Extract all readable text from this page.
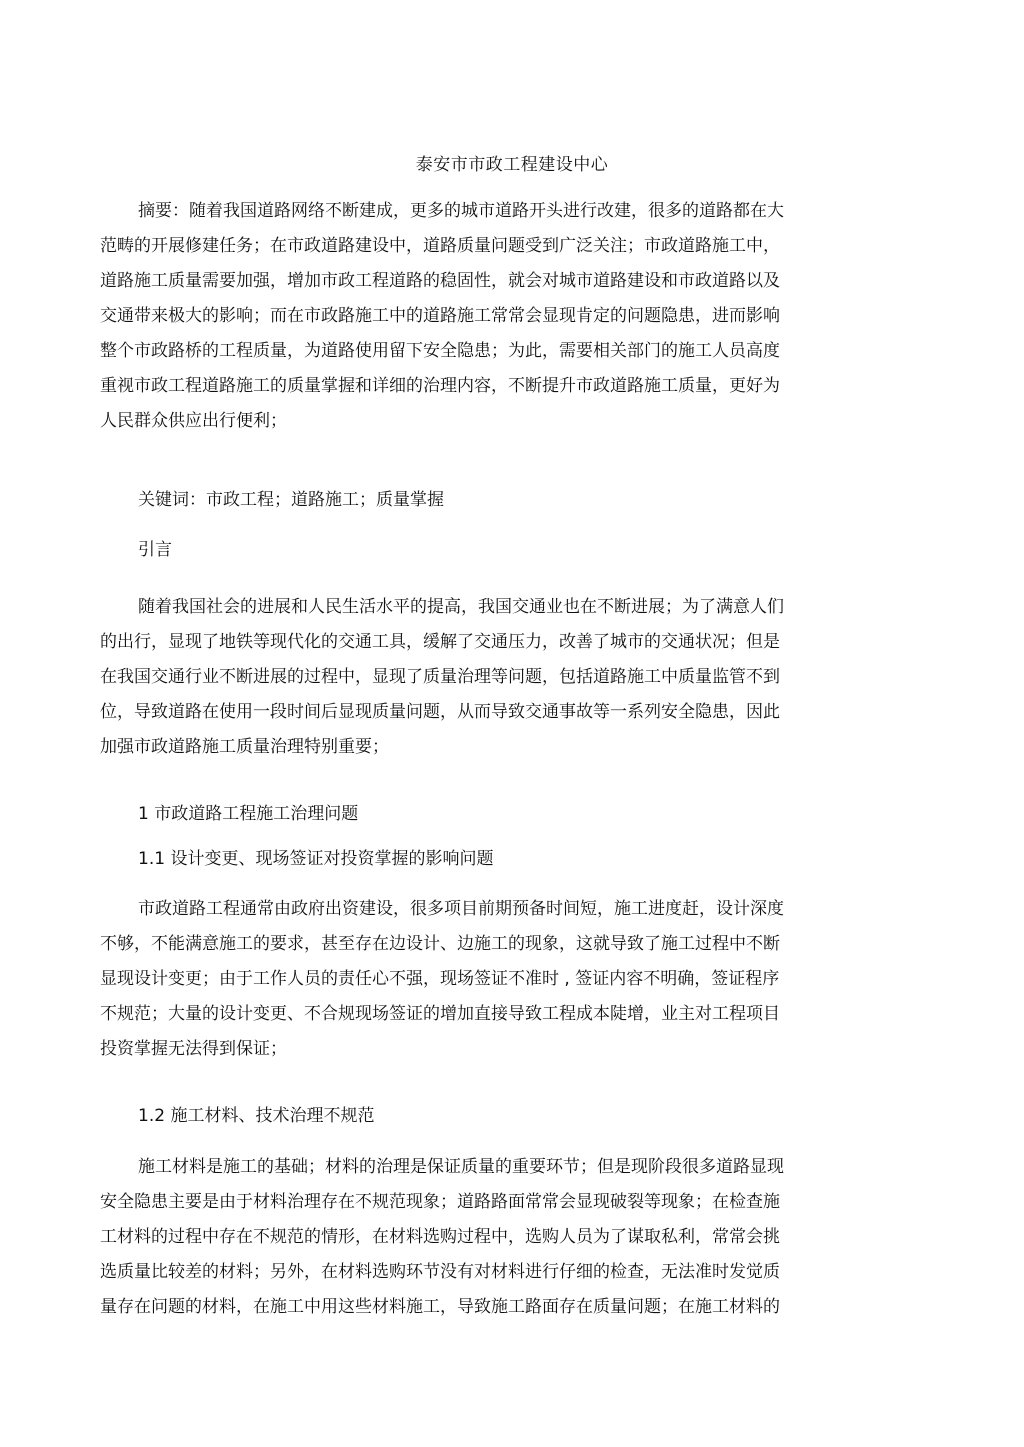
泰安市市政工程建设中心
摘要：随着我国道路网络不断建成，更多的城市道路开头进行改建，很多的道路都在大
范畴的开展修建任务；在市政道路建设中，道路质量问题受到广泛关注；市政道路施工中，
道路施工质量需要加强，增加市政工程道路的稳固性，就会对城市道路建设和市政道路以及
交通带来极大的影响；而在市政路施工中的道路施工常常会显现肯定的问题隐患，进而影响
整个市政路桥的工程质量，为道路使用留下安全隐患；为此，需要相关部门的施工人员高度
重视市政工程道路施工的质量掌握和详细的治理内容，不断提升市政道路施工质量，更好为
人民群众供应出行便利；
关键词：市政工程；道路施工；质量掌握
引言
随着我国社会的进展和人民生活水平的提高，我国交通业也在不断进展；为了满意人们
的出行，显现了地铁等现代化的交通工具，缓解了交通压力，改善了城市的交通状况；但是
在我国交通行业不断进展的过程中，显现了质量治理等问题，包括道路施工中质量监管不到
位，导致道路在使用一段时间后显现质量问题，从而导致交通事故等一系列安全隐患，因此
加强市政道路施工质量治理特别重要；
1 市政道路工程施工治理问题
1.1 设计变更、现场签证对投资掌握的影响问题
市政道路工程通常由政府出资建设，很多项目前期预备时间短，施工进度赶，设计深度
不够，不能满意施工的要求，甚至存在边设计、边施工的现象，这就导致了施工过程中不断
显现设计变更；由于工作人员的责任心不强，现场签证不准时 , 签证内容不明确，签证程序
不规范；大量的设计变更、不合规现场签证的增加直接导致工程成本陡增，业主对工程项目
投资掌握无法得到保证；
1.2 施工材料、技术治理不规范
施工材料是施工的基础；材料的治理是保证质量的重要环节；但是现阶段很多道路显现
安全隐患主要是由于材料治理存在不规范现象；道路路面常常会显现破裂等现象；在检查施
工材料的过程中存在不规范的情形，在材料选购过程中，选购人员为了谋取私利，常常会挑
选质量比较差的材料；另外，在材料选购环节没有对材料进行仔细的检查，无法准时发觉质
量存在问题的材料，在施工中用这些材料施工，导致施工路面存在质量问题；在施工材料的
